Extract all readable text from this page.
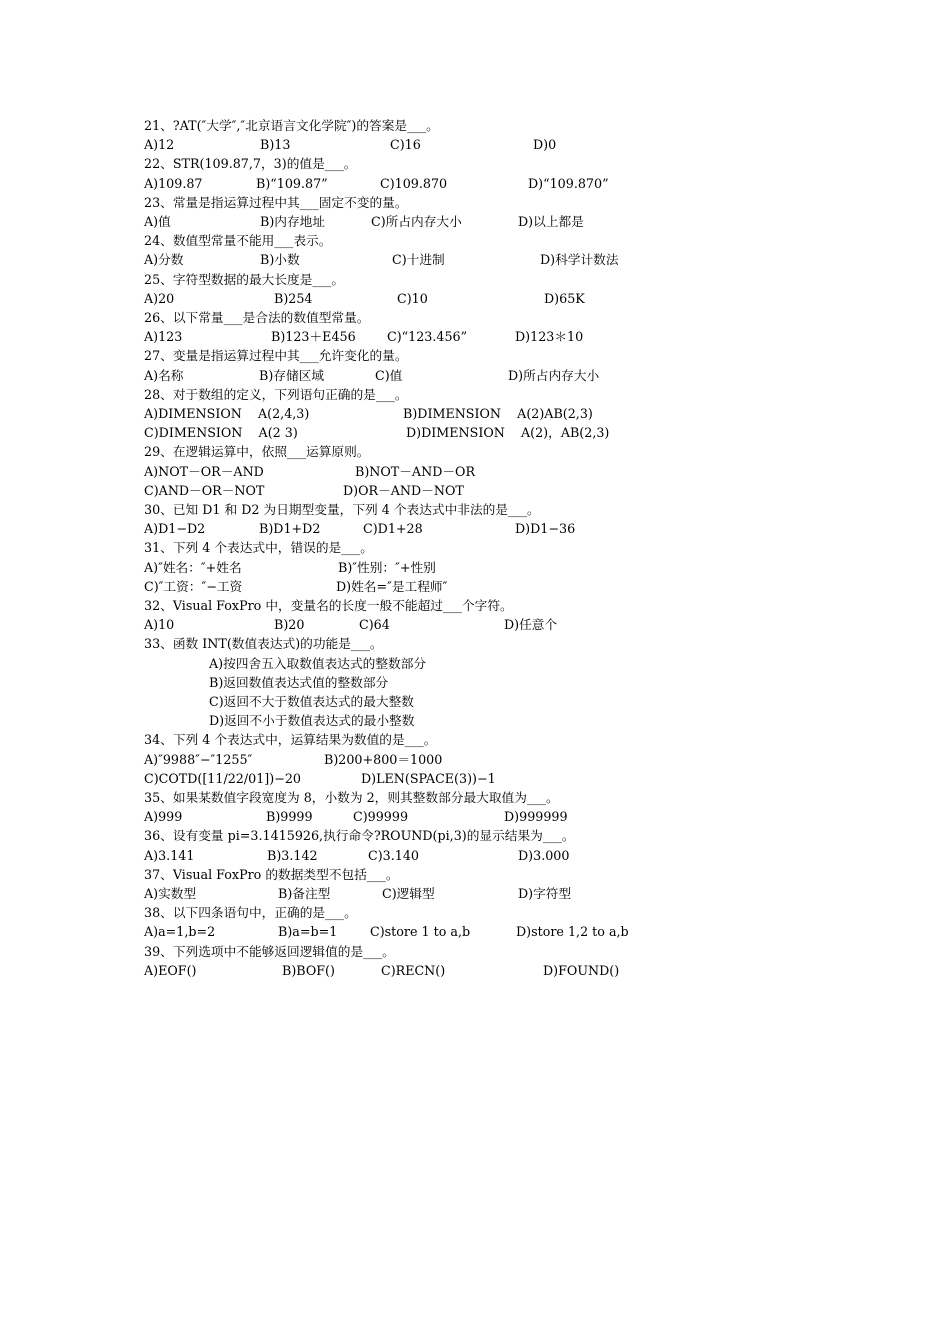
21、?AT(″大学″,″北京语言文化学院″)的答案是___。
A)12	B)13	C)16	D)0
22、STR(109.87,7，3)的值是___。
A)109.87	B)“109.87”	C)109.870	D)“109.870”
23、常量是指运算过程中其___固定不变的量。
A)值	B)内存地址	C)所占内存大小	D)以上都是
24、数值型常量不能用___表示。
A)分数	B)小数	C)十进制	D)科学计数法
25、字符型数据的最大长度是___。
A)20	B)254	C)10	D)65K
26、以下常量___是合法的数值型常量。
A)123	B)123＋E456 C)“123.456”	D)123＊10
27、变量是指运算过程中其___允许变化的量。
A)名称	B)存储区域	C)值	D)所占内存大小
28、对于数组的定义，下列语句正确的是___。
A)DIMENSION    A(2,4,3)	B)DIMENSION    A(2)AB(2,3)
C)DIMENSION    A(2 3)	D)DIMENSION    A(2)，AB(2,3)
29、在逻辑运算中，依照___运算原则。
A)NOT－OR－AND	B)NOT－AND－OR
C)AND－OR－NOT	D)OR－AND－NOT
30、已知 D1 和 D2 为日期型变量，下列 4 个表达式中非法的是___。
A)D1−D2	B)D1+D2	C)D1+28	D)D1−36
31、下列 4 个表达式中，错误的是___。
A)″姓名：″+姓名	B)″性别：″+性别
C)″工资：″−工资	D)姓名=″是工程师″
32、Visual FoxPro 中，变量名的长度一般不能超过___个字符。
A)10	B)20	C)64	D)任意个
33、函数 INT(数值表达式)的功能是___。
A)按四舍五入取数值表达式的整数部分
B)返回数值表达式值的整数部分
C)返回不大于数值表达式的最大整数
D)返回不小于数值表达式的最小整数
34、下列 4 个表达式中，运算结果为数值的是___。
A)″9988″−″1255″	B)200+800＝1000
C)COTD([11/22/01])−20	D)LEN(SPACE(3))−1
35、如果某数值字段宽度为 8，小数为 2，则其整数部分最大取值为___。
A)999	B)9999	C)99999	D)999999
36、设有变量 pi=3.1415926,执行命令?ROUND(pi,3)的显示结果为___。
A)3.141	B)3.142	C)3.140	D)3.000
37、Visual FoxPro 的数据类型不包括___。
A)实数型	B)备注型	C)逻辑型	D)字符型
38、以下四条语句中，正确的是___。
A)a=1,b=2	B)a=b=1	C)store 1 to a,b	D)store 1,2 to a,b
39、下列选项中不能够返回逻辑值的是___。
A)EOF()	B)BOF()	C)RECN()	D)FOUND()
